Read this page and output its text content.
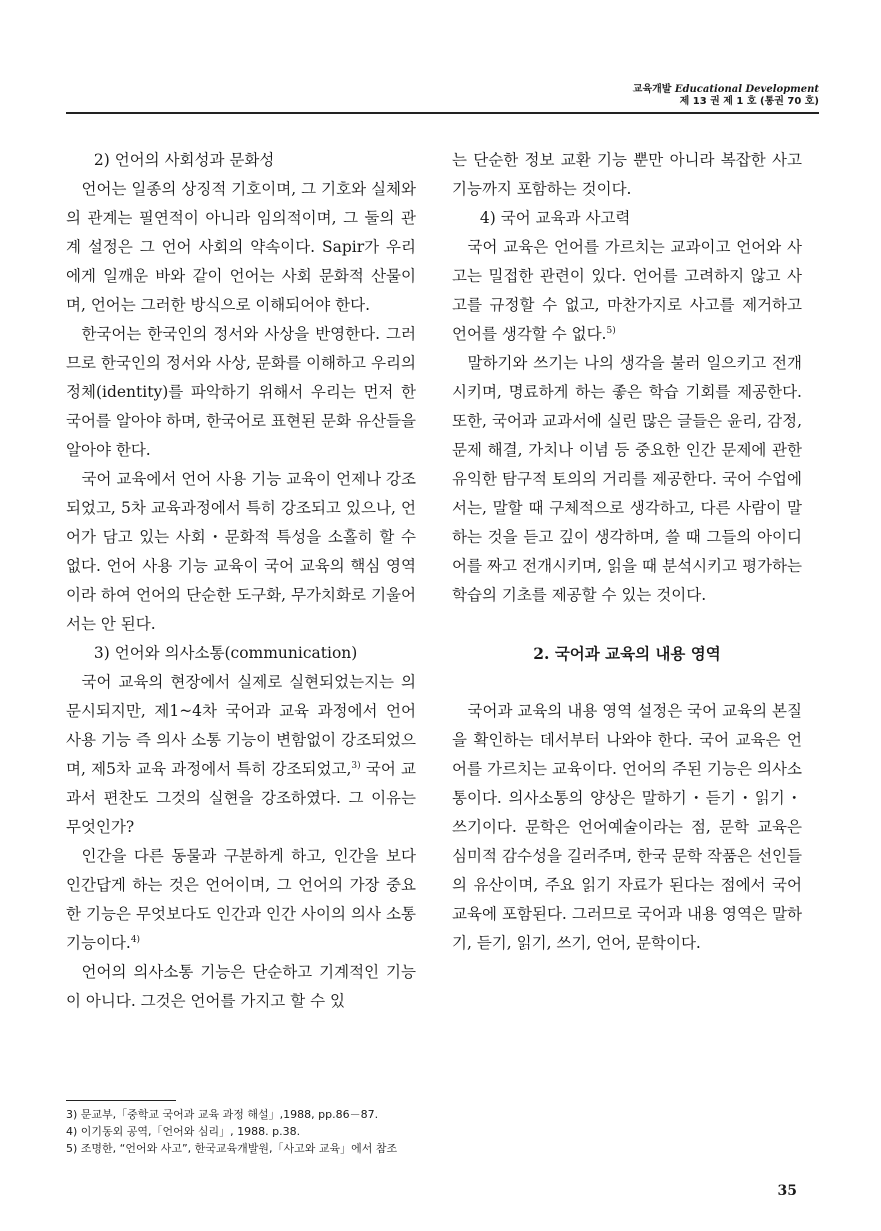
교육개발 Educational Development
제 13 권 제 1 호 (통권 70 호)

2) 언어의 사회성과 문화성

언어는 일종의 상징적 기호이며, 그 기호와 실체와의 관계는 필연적이 아니라 임의적이며, 그 둘의 관계 설정은 그 언어 사회의 약속이다. Sapir가 우리에게 일깨운 바와 같이 언어는 사회 문화적 산물이며, 언어는 그러한 방식으로 이해되어야 한다.

한국어는 한국인의 정서와 사상을 반영한다. 그러므로 한국인의 정서와 사상, 문화를 이해하고 우리의 정체(identity)를 파악하기 위해서 우리는 먼저 한국어를 알아야 하며, 한국어로 표현된 문화 유산들을 알아야 한다.

국어 교육에서 언어 사용 기능 교육이 언제나 강조되었고, 5차 교육과정에서 특히 강조되고 있으나, 언어가 담고 있는 사회・문화적 특성을 소홀히 할 수 없다. 언어 사용 기능 교육이 국어 교육의 핵심 영역이라 하여 언어의 단순한 도구화, 무가치화로 기울어서는 안 된다.

3) 언어와 의사소통(communication)

국어 교육의 현장에서 실제로 실현되었는지는 의문시되지만, 제1~4차 국어과 교육 과정에서 언어 사용 기능 즉 의사 소통 기능이 변함없이 강조되었으며, 제5차 교육 과정에서 특히 강조되었고,$^{3)}$ 국어 교과서 편찬도 그것의 실현을 강조하였다. 그 이유는 무엇인가?

인간을 다른 동물과 구분하게 하고, 인간을 보다 인간답게 하는 것은 언어이며, 그 언어의 가장 중요한 기능은 무엇보다도 인간과 인간 사이의 의사 소통 기능이다.$^{4)}$

언어의 의사소통 기능은 단순하고 기계적인 기능이 아니다. 그것은 언어를 가지고 할 수 있

는 단순한 정보 교환 기능 뿐만 아니라 복잡한 사고 기능까지 포함하는 것이다.

4) 국어 교육과 사고력

국어 교육은 언어를 가르치는 교과이고 언어와 사고는 밀접한 관련이 있다. 언어를 고려하지 않고 사고를 규정할 수 없고, 마찬가지로 사고를 제거하고 언어를 생각할 수 없다.$^{5)}$

말하기와 쓰기는 나의 생각을 불러 일으키고 전개시키며, 명료하게 하는 좋은 학습 기회를 제공한다. 또한, 국어과 교과서에 실린 많은 글들은 윤리, 감정, 문제 해결, 가치나 이념 등 중요한 인간 문제에 관한 유익한 탐구적 토의의 거리를 제공한다. 국어 수업에서는, 말할 때 구체적으로 생각하고, 다른 사람이 말하는 것을 듣고 깊이 생각하며, 쓸 때 그들의 아이디어를 짜고 전개시키며, 읽을 때 분석시키고 평가하는 학습의 기초를 제공할 수 있는 것이다.

2. 국어과 교육의 내용 영역

국어과 교육의 내용 영역 설정은 국어 교육의 본질을 확인하는 데서부터 나와야 한다. 국어 교육은 언어를 가르치는 교육이다. 언어의 주된 기능은 의사소통이다. 의사소통의 양상은 말하기・듣기・읽기・쓰기이다. 문학은 언어예술이라는 점, 문학 교육은 심미적 감수성을 길러주며, 한국 문학 작품은 선인들의 유산이며, 주요 읽기 자료가 된다는 점에서 국어 교육에 포함된다. 그러므로 국어과 내용 영역은 말하기, 듣기, 읽기, 쓰기, 언어, 문학이다.

3) 문교부,「중학교 국어과 교육 과정 해설」,1988, pp.86－87.
4) 이기동외 공역,「언어와 심리」, 1988. p.38.
5) 조명한, “언어와 사고”, 한국교육개발원,「사고와 교육」에서 참조
35
